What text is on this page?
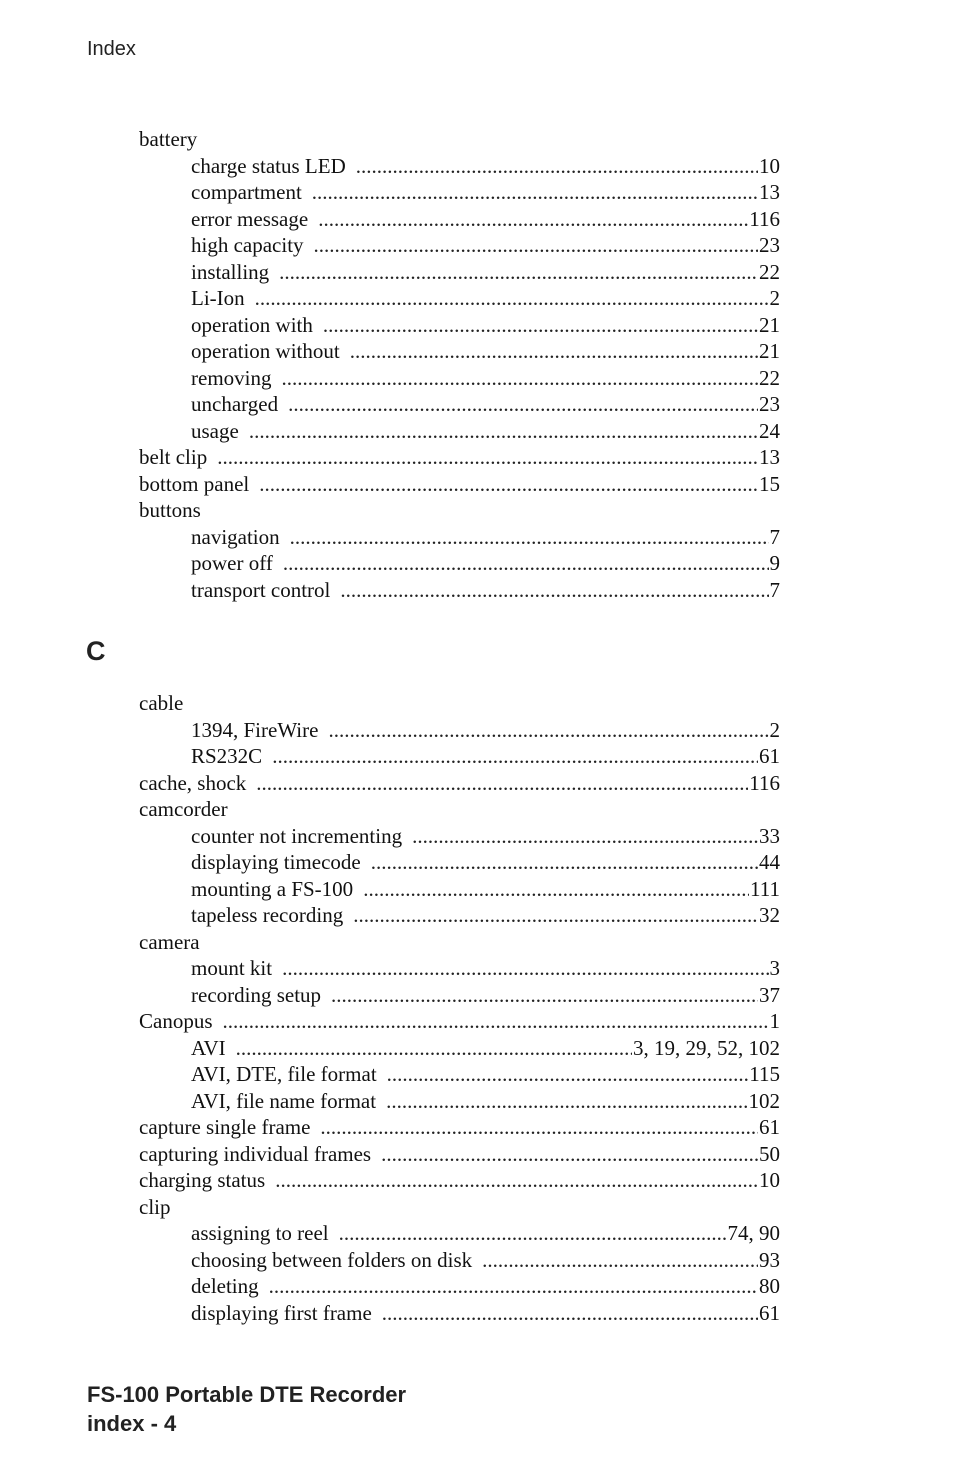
Index
battery
charge status LED .....	10
compartment .....	13
error message .....	116
high capacity .....	23
installing .....	22
Li-Ion .....	2
operation with .....	21
operation without .....	21
removing .....	22
uncharged .....	23
usage .....	24
belt clip .....	13
bottom panel .....	15
buttons
navigation .....	7
power off .....	9
transport control .....	7
C
cable
1394, FireWire .....	2
RS232C .....	61
cache, shock .....	116
camcorder
counter not incrementing .....	33
displaying timecode .....	44
mounting a FS-100 .....	111
tapeless recording .....	32
camera
mount kit .....	3
recording setup .....	37
Canopus .....	1
AVI .....	3, 19, 29, 52, 102
AVI, DTE, file format .....	115
AVI, file name format .....	102
capture single frame .....	61
capturing individual frames .....	50
charging status .....	10
clip
assigning to reel .....	74, 90
choosing between folders on disk .....	93
deleting .....	80
displaying first frame .....	61
FS-100 Portable DTE Recorder
index - 4
